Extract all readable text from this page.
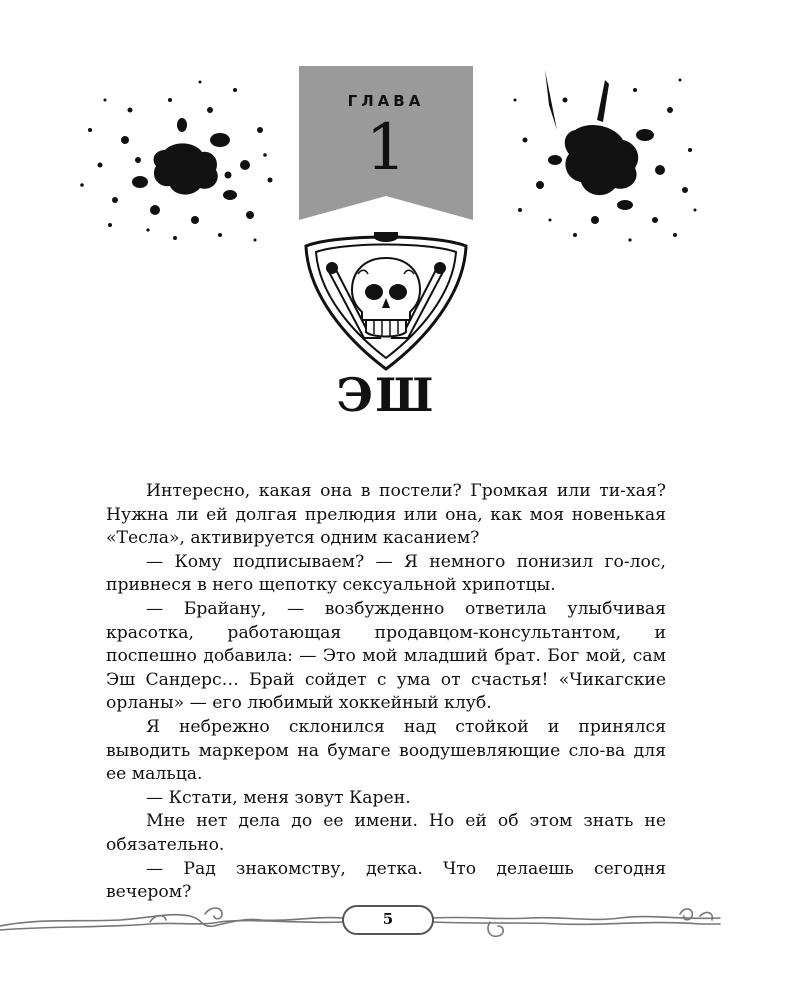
ГЛАВА
1
ЭШ

Интересно, какая она в постели? Громкая или ти-хая? Нужна ли ей долгая прелюдия или она, как моя новенькая «Тесла», активируется одним касанием?

— Кому подписываем? — Я немного понизил го-лос, привнеся в него щепотку сексуальной хрипотцы.

— Брайану, — возбужденно ответила улыбчивая красотка, работающая продавцом-консультантом, и поспешно добавила: — Это мой младший брат. Бог мой, сам Эш Сандерс… Брай сойдет с ума от счастья! «Чикагские орланы» — его любимый хоккейный клуб.

Я небрежно склонился над стойкой и принялся выводить маркером на бумаге воодушевляющие сло-ва для ее мальца.

— Кстати, меня зовут Карен.

Мне нет дела до ее имени. Но ей об этом знать не обязательно.

— Рад знакомству, детка. Что делаешь сегодня вечером?

5
